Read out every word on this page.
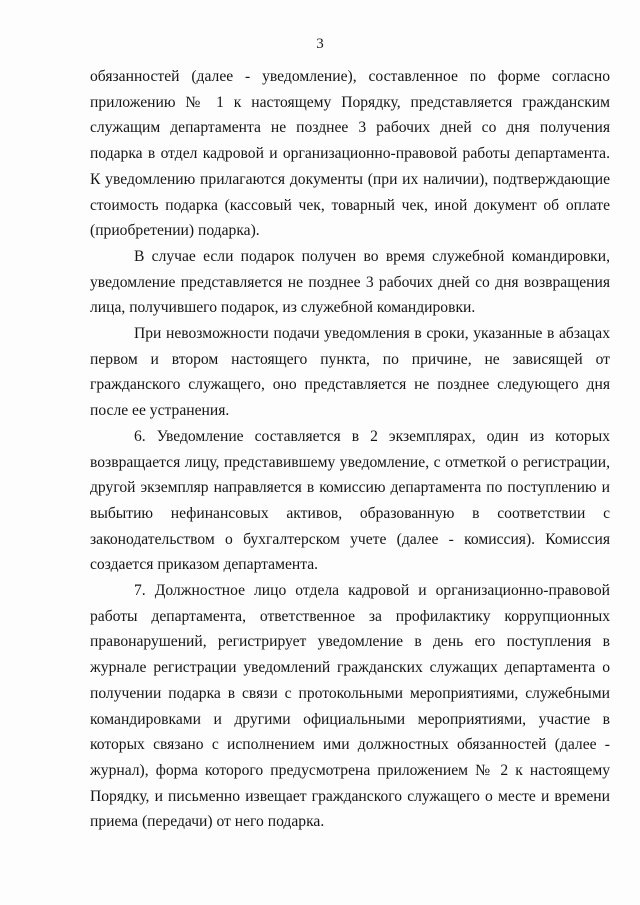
3

обязанностей (далее - уведомление), составленное по форме согласно приложению № 1 к настоящему Порядку, представляется гражданским служащим департамента не позднее 3 рабочих дней со дня получения подарка в отдел кадровой и организационно-правовой работы департамента. К уведомлению прилагаются документы (при их наличии), подтверждающие стоимость подарка (кассовый чек, товарный чек, иной документ об оплате (приобретении) подарка).

В случае если подарок получен во время служебной командировки, уведомление представляется не позднее 3 рабочих дней со дня возвращения лица, получившего подарок, из служебной командировки.

При невозможности подачи уведомления в сроки, указанные в абзацах первом и втором настоящего пункта, по причине, не зависящей от гражданского служащего, оно представляется не позднее следующего дня после ее устранения.

6. Уведомление составляется в 2 экземплярах, один из которых возвращается лицу, представившему уведомление, с отметкой о регистрации, другой экземпляр направляется в комиссию департамента по поступлению и выбытию нефинансовых активов, образованную в соответствии с законодательством о бухгалтерском учете (далее - комиссия). Комиссия создается приказом департамента.

7. Должностное лицо отдела кадровой и организационно-правовой работы департамента, ответственное за профилактику коррупционных правонарушений, регистрирует уведомление в день его поступления в журнале регистрации уведомлений гражданских служащих департамента о получении подарка в связи с протокольными мероприятиями, служебными командировками и другими официальными мероприятиями, участие в которых связано с исполнением ими должностных обязанностей (далее - журнал), форма которого предусмотрена приложением № 2 к настоящему Порядку, и письменно извещает гражданского служащего о месте и времени приема (передачи) от него подарка.
